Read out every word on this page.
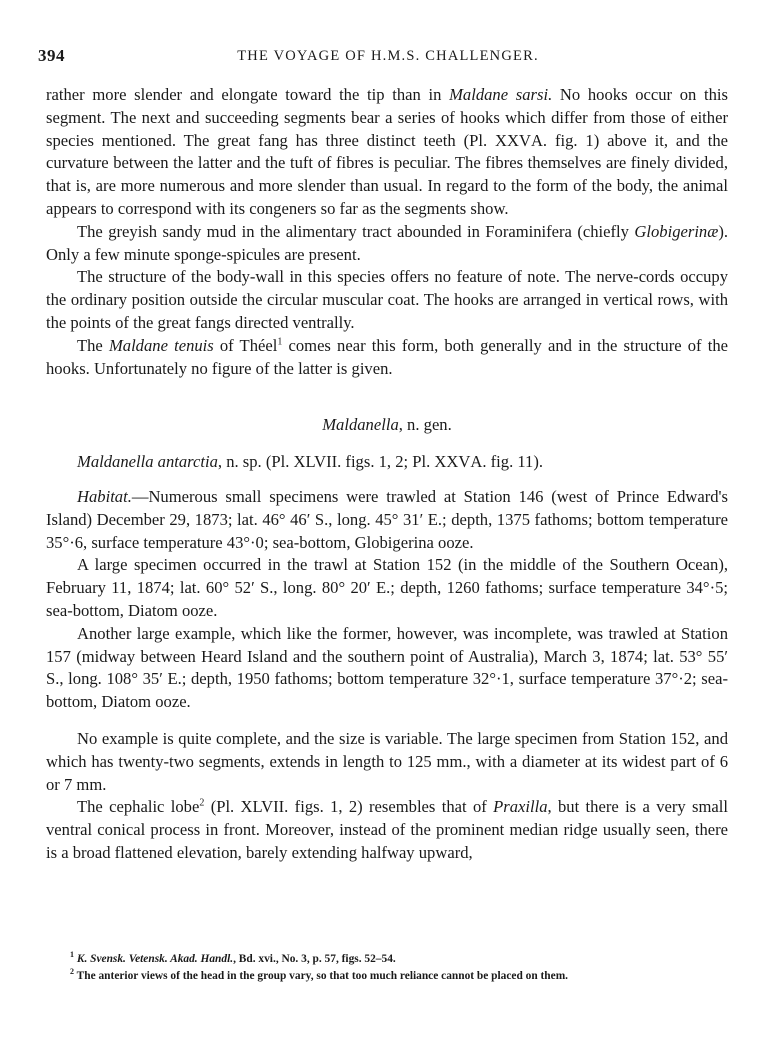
394	THE VOYAGE OF H.M.S. CHALLENGER.

rather more slender and elongate toward the tip than in Maldane sarsi. No hooks occur on this segment. The next and succeeding segments bear a series of hooks which differ from those of either species mentioned. The great fang has three distinct teeth (Pl. XXVA. fig. 1) above it, and the curvature between the latter and the tuft of fibres is peculiar. The fibres themselves are finely divided, that is, are more numerous and more slender than usual. In regard to the form of the body, the animal appears to correspond with its congeners so far as the segments show.

The greyish sandy mud in the alimentary tract abounded in Foraminifera (chiefly Globigerinæ). Only a few minute sponge-spicules are present.

The structure of the body-wall in this species offers no feature of note. The nerve-cords occupy the ordinary position outside the circular muscular coat. The hooks are arranged in vertical rows, with the points of the great fangs directed ventrally.

The Maldane tenuis of Théel$^1$ comes near this form, both generally and in the structure of the hooks. Unfortunately no figure of the latter is given.

Maldanella, n. gen.

Maldanella antarctia, n. sp. (Pl. XLVII. figs. 1, 2; Pl. XXVA. fig. 11).

Habitat.—Numerous small specimens were trawled at Station 146 (west of Prince Edward's Island) December 29, 1873; lat. 46° 46′ S., long. 45° 31′ E.; depth, 1375 fathoms; bottom temperature 35°·6, surface temperature 43°·0; sea-bottom, Globigerina ooze.

A large specimen occurred in the trawl at Station 152 (in the middle of the Southern Ocean), February 11, 1874; lat. 60° 52′ S., long. 80° 20′ E.; depth, 1260 fathoms; surface temperature 34°·5; sea-bottom, Diatom ooze.

Another large example, which like the former, however, was incomplete, was trawled at Station 157 (midway between Heard Island and the southern point of Australia), March 3, 1874; lat. 53° 55′ S., long. 108° 35′ E.; depth, 1950 fathoms; bottom temperature 32°·1, surface temperature 37°·2; sea-bottom, Diatom ooze.

No example is quite complete, and the size is variable. The large specimen from Station 152, and which has twenty-two segments, extends in length to 125 mm., with a diameter at its widest part of 6 or 7 mm.

The cephalic lobe$^2$ (Pl. XLVII. figs. 1, 2) resembles that of Praxilla, but there is a very small ventral conical process in front. Moreover, instead of the prominent median ridge usually seen, there is a broad flattened elevation, barely extending halfway upward,

$^1$ K. Svensk. Vetensk. Akad. Handl., Bd. xvi., No. 3, p. 57, figs. 52–54.

$^2$ The anterior views of the head in the group vary, so that too much reliance cannot be placed on them.
